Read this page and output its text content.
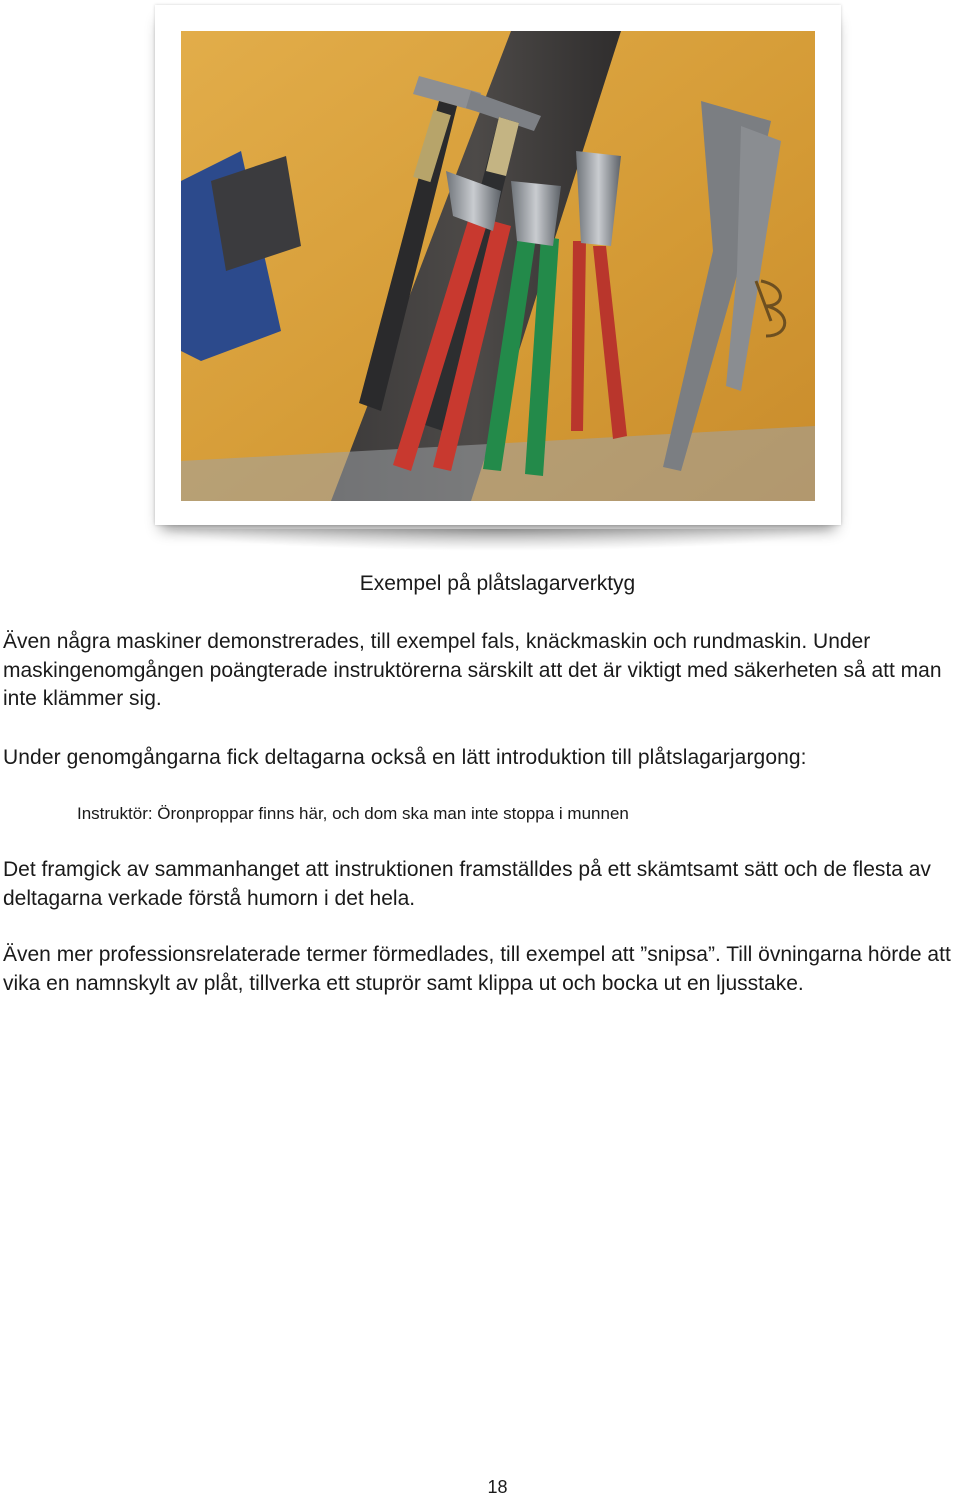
Exempel på plåtslagarverktyg

Även några maskiner demonstrerades, till exempel fals, knäckmaskin och rundmaskin. Under maskingenomgången poängterade instruktörerna särskilt att det är viktigt med säkerheten så att man inte klämmer sig.

Under genomgångarna fick deltagarna också en lätt introduktion till plåtslagarjargong:

Instruktör: Öronproppar finns här, och dom ska man inte stoppa i munnen

Det framgick av sammanhanget att instruktionen framställdes på ett skämtsamt sätt och de flesta av deltagarna verkade förstå humorn i det hela.

Även mer professionsrelaterade termer förmedlades, till exempel att ”snipsa”. Till övningarna hörde att vika en namnskylt av plåt, tillverka ett stuprör samt klippa ut och bocka ut en ljusstake.

18
